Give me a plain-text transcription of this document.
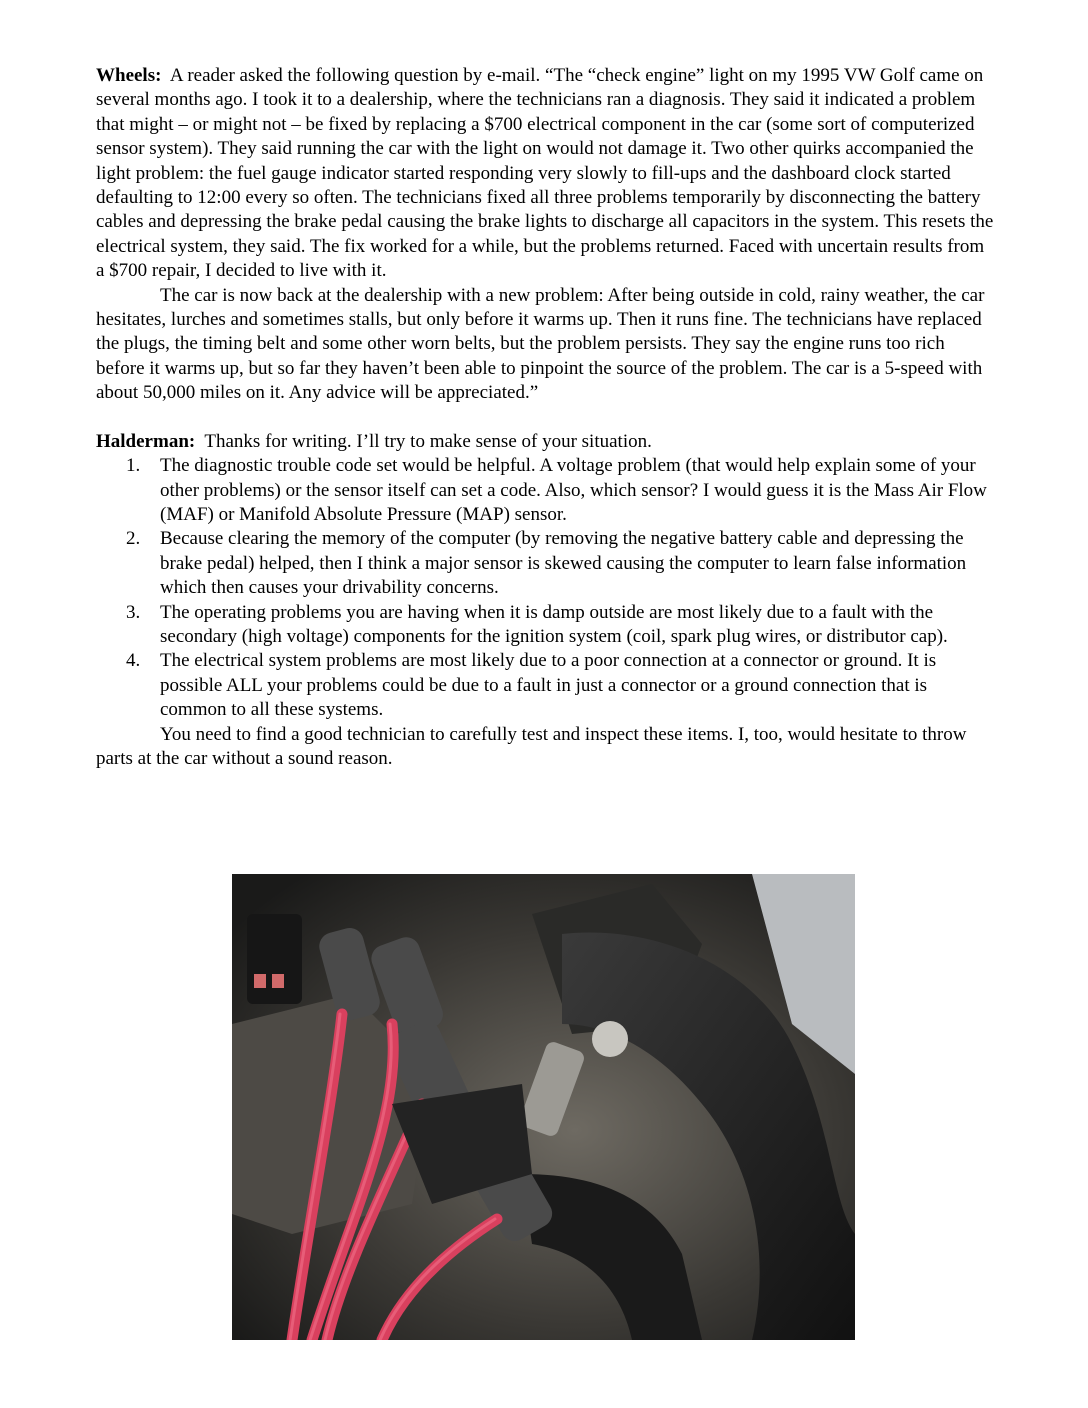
Wheels: A reader asked the following question by e-mail. “The “check engine” light on my 1995 VW Golf came on several months ago. I took it to a dealership, where the technicians ran a diagnosis. They said it indicated a problem that might – or might not – be fixed by replacing a $700 electrical component in the car (some sort of computerized sensor system). They said running the car with the light on would not damage it. Two other quirks accompanied the light problem: the fuel gauge indicator started responding very slowly to fill-ups and the dashboard clock started defaulting to 12:00 every so often. The technicians fixed all three problems temporarily by disconnecting the battery cables and depressing the brake pedal causing the brake lights to discharge all capacitors in the system. This resets the electrical system, they said. The fix worked for a while, but the problems returned. Faced with uncertain results from a $700 repair, I decided to live with it.

The car is now back at the dealership with a new problem: After being outside in cold, rainy weather, the car hesitates, lurches and sometimes stalls, but only before it warms up. Then it runs fine. The technicians have replaced the plugs, the timing belt and some other worn belts, but the problem persists. They say the engine runs too rich before it warms up, but so far they haven’t been able to pinpoint the source of the problem. The car is a 5-speed with about 50,000 miles on it. Any advice will be appreciated.”

Halderman: Thanks for writing. I’ll try to make sense of your situation.

1. The diagnostic trouble code set would be helpful. A voltage problem (that would help explain some of your other problems) or the sensor itself can set a code. Also, which sensor? I would guess it is the Mass Air Flow (MAF) or Manifold Absolute Pressure (MAP) sensor.
2. Because clearing the memory of the computer (by removing the negative battery cable and depressing the brake pedal) helped, then I think a major sensor is skewed causing the computer to learn false information which then causes your drivability concerns.
3. The operating problems you are having when it is damp outside are most likely due to a fault with the secondary (high voltage) components for the ignition system (coil, spark plug wires, or distributor cap).
4. The electrical system problems are most likely due to a poor connection at a connector or ground. It is possible ALL your problems could be due to a fault in just a connector or a ground connection that is common to all these systems.

You need to find a good technician to carefully test and inspect these items. I, too, would hesitate to throw parts at the car without a sound reason.
